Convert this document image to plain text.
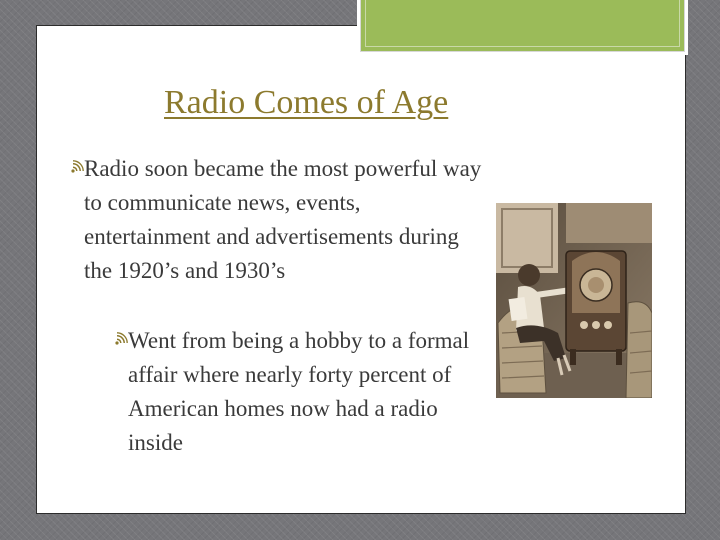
Radio Comes of Age
Radio soon became the most powerful way to communicate news, events, entertainment and advertisements during the 1920’s and 1930’s
Went from being a hobby to a formal affair where nearly forty percent of American homes now had a radio inside
